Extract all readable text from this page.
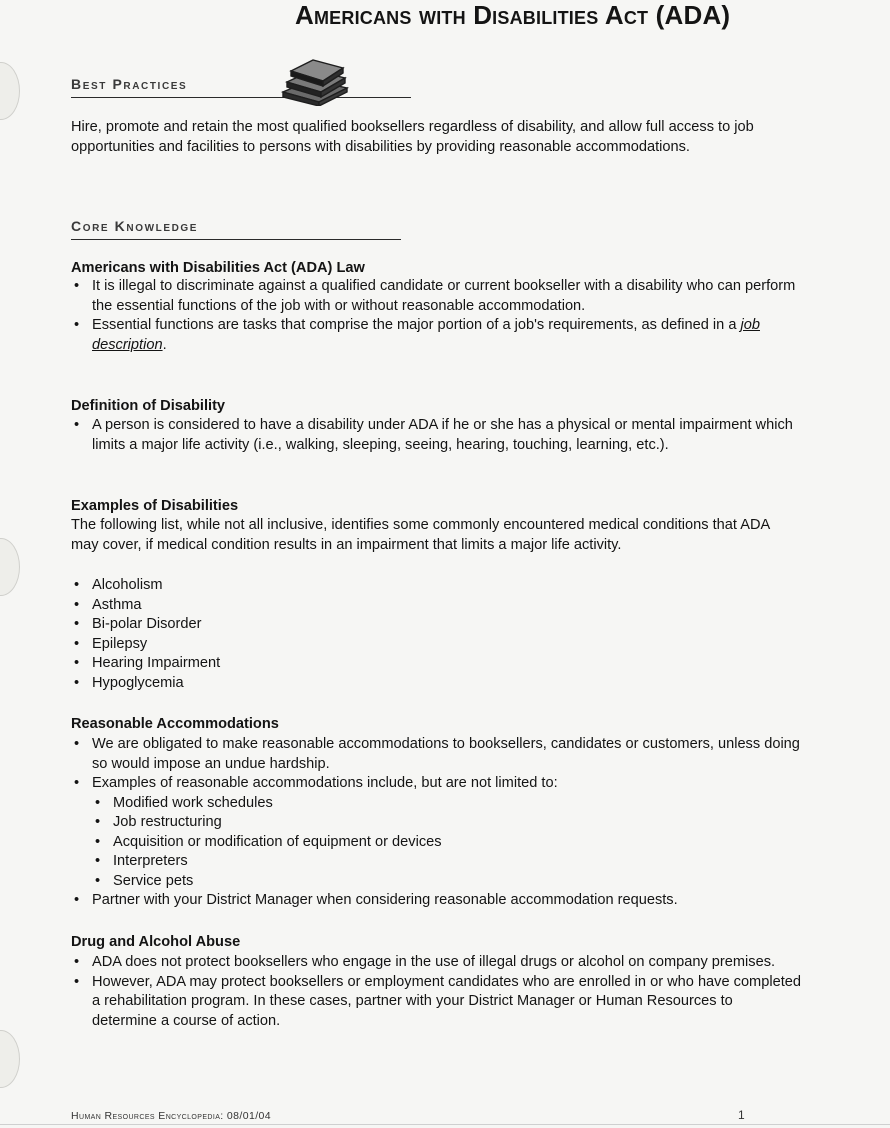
Americans with Disabilities Act (ADA)
Best Practices
Hire, promote and retain the most qualified booksellers regardless of disability, and allow full access to job opportunities and facilities to persons with disabilities by providing reasonable accommodations.
Core Knowledge
Americans with Disabilities Act (ADA) Law
• It is illegal to discriminate against a qualified candidate or current bookseller with a disability who can perform the essential functions of the job with or without reasonable accommodation.
• Essential functions are tasks that comprise the major portion of a job's requirements, as defined in a job description.
Definition of Disability
• A person is considered to have a disability under ADA if he or she has a physical or mental impairment which limits a major life activity (i.e., walking, sleeping, seeing, hearing, touching, learning, etc.).
Examples of Disabilities
The following list, while not all inclusive, identifies some commonly encountered medical conditions that ADA may cover, if medical condition results in an impairment that limits a major life activity.
• Alcoholism
• Asthma
• Bi-polar Disorder
• Epilepsy
• Hearing Impairment
• Hypoglycemia
Reasonable Accommodations
• We are obligated to make reasonable accommodations to booksellers, candidates or customers, unless doing so would impose an undue hardship.
• Examples of reasonable accommodations include, but are not limited to:
• Modified work schedules
• Job restructuring
• Acquisition or modification of equipment or devices
• Interpreters
• Service pets
• Partner with your District Manager when considering reasonable accommodation requests.
Drug and Alcohol Abuse
• ADA does not protect booksellers who engage in the use of illegal drugs or alcohol on company premises.
• However, ADA may protect booksellers or employment candidates who are enrolled in or who have completed a rehabilitation program. In these cases, partner with your District Manager or Human Resources to determine a course of action.
Human Resources Encyclopedia: 08/01/04	1
